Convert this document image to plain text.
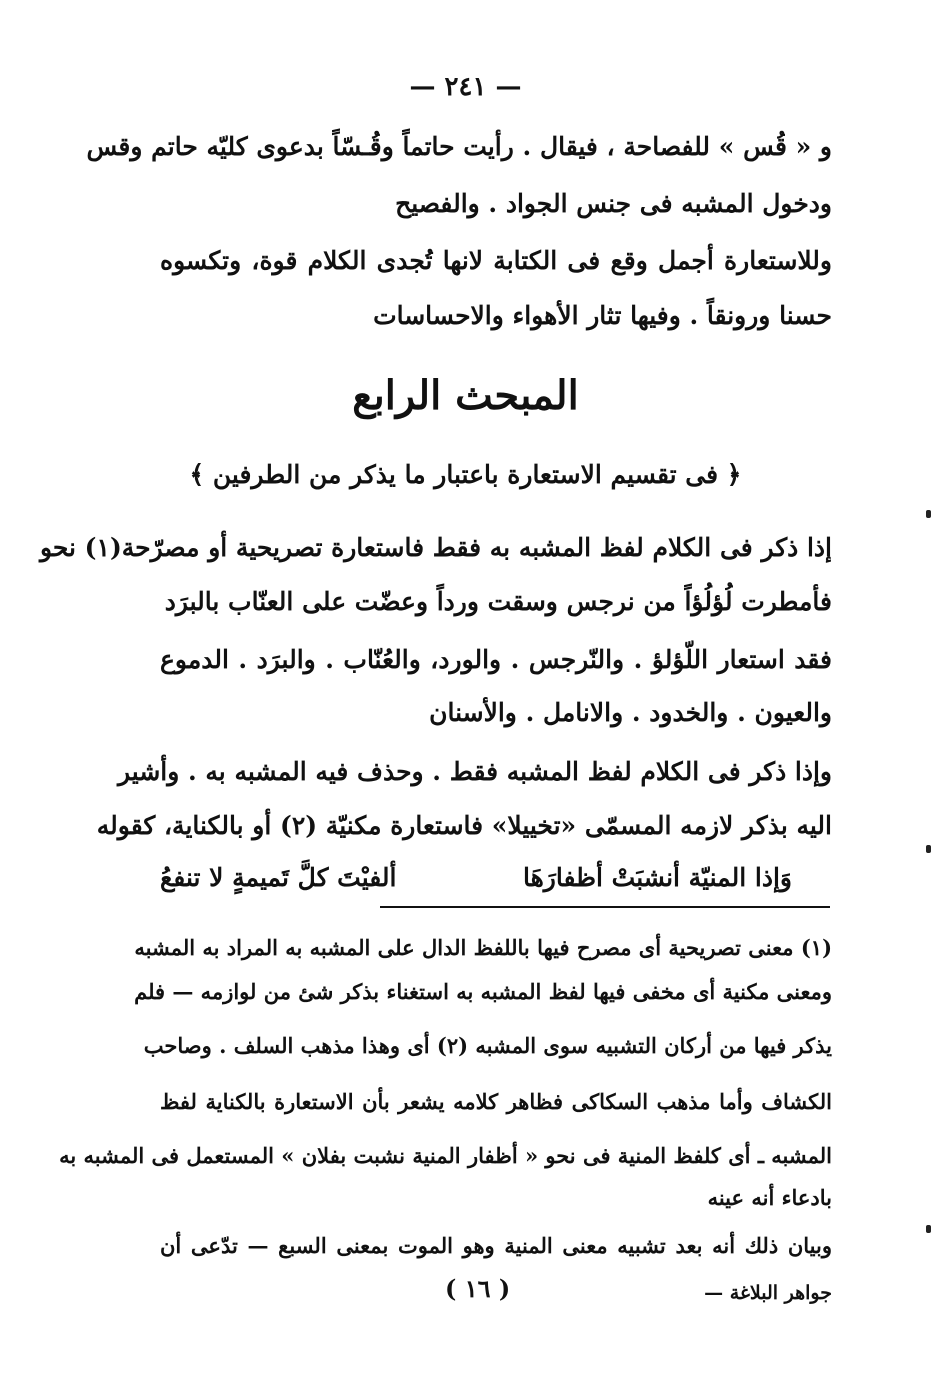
— ٢٤١ —
و « قُس » للفصاحة ، فيقال . رأيت حاتماً وقُـسّاً بدعوى كليّه حاتم وقس
ودخول المشبه فى جنس الجواد . والفصيح
وللاستعارة أجمل وقع فى الكتابة لانها تُجدى الكلام قوة، وتكسوه
حسنا ورونقاً . وفيها تثار الأهواء والاحساسات
المبحث الرابع
﴿ فى تقسيم الاستعارة باعتبار ما يذكر من الطرفين ﴾
إذا ذكر فى الكلام لفظ المشبه به فقط فاستعارة تصريحية أو مصرّحة(١) نحو
فأمطرت لُؤلُؤاً من نرجس وسقت ورداً وعضّت على العنّاب بالبرَد
فقد استعار اللّؤلؤ . والنّرجس . والورد، والعُنّاب . والبرَد . الدموع
والعيون . والخدود . والانامل . والأسنان
وإذا ذكر فى الكلام لفظ المشبه فقط . وحذف فيه المشبه به . وأشير
اليه بذكر لازمه المسمّى «تخييلا» فاستعارة مكنيّة (٢) أو بالكناية، كقوله
وَإذا المنيّة أنشبَتْ أظفارَهَا
ألفيْتَ كلَّ تَميمةٍ لا تنفعُ
(١) معنى تصريحية أى مصرح فيها باللفظ الدال على المشبه به المراد به المشبه
ومعنى مكنية أى مخفى فيها لفظ المشبه به استغناء بذكر شئ من لوازمه — فلم
يذكر فيها من أركان التشبيه سوى المشبه (٢) أى وهذا مذهب السلف . وصاحب
الكشاف وأما مذهب السكاكى فظاهر كلامه يشعر بأن الاستعارة بالكناية لفظ
المشبه ـ أى كلفظ المنية فى نحو « أظفار المنية نشبت بفلان » المستعمل فى المشبه به
بادعاء أنه عينه
وبيان ذلك أنه بعد تشبيه معنى المنية وهو الموت بمعنى السبع — تدّعى أن
جواهر البلاغة —
( ١٦ )
